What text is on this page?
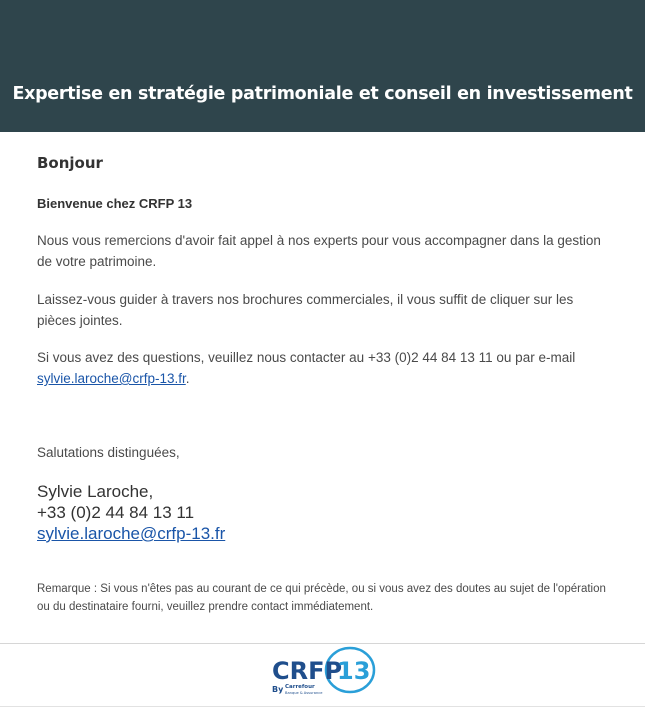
Expertise en stratégie patrimoniale et conseil en investissement
Bonjour
Bienvenue chez CRFP 13
Nous vous remercions d'avoir fait appel à nos experts pour vous accompagner dans la gestion de votre patrimoine.
Laissez-vous guider à travers nos brochures commerciales, il vous suffit de cliquer sur les pièces jointes.
Si vous avez des questions, veuillez nous contacter au +33 (0)2 44 84 13 11 ou par e-mail sylvie.laroche@crfp-13.fr.
Salutations distinguées,
Sylvie Laroche,
+33 (0)2 44 84 13 11
sylvie.laroche@crfp-13.fr
Remarque : Si vous n'êtes pas au courant de ce qui précède, ou si vous avez des doutes au sujet de l'opération ou du destinataire fourni, veuillez prendre contact immédiatement.
CRFP
13
By Carrefour
Banque & Assurance
